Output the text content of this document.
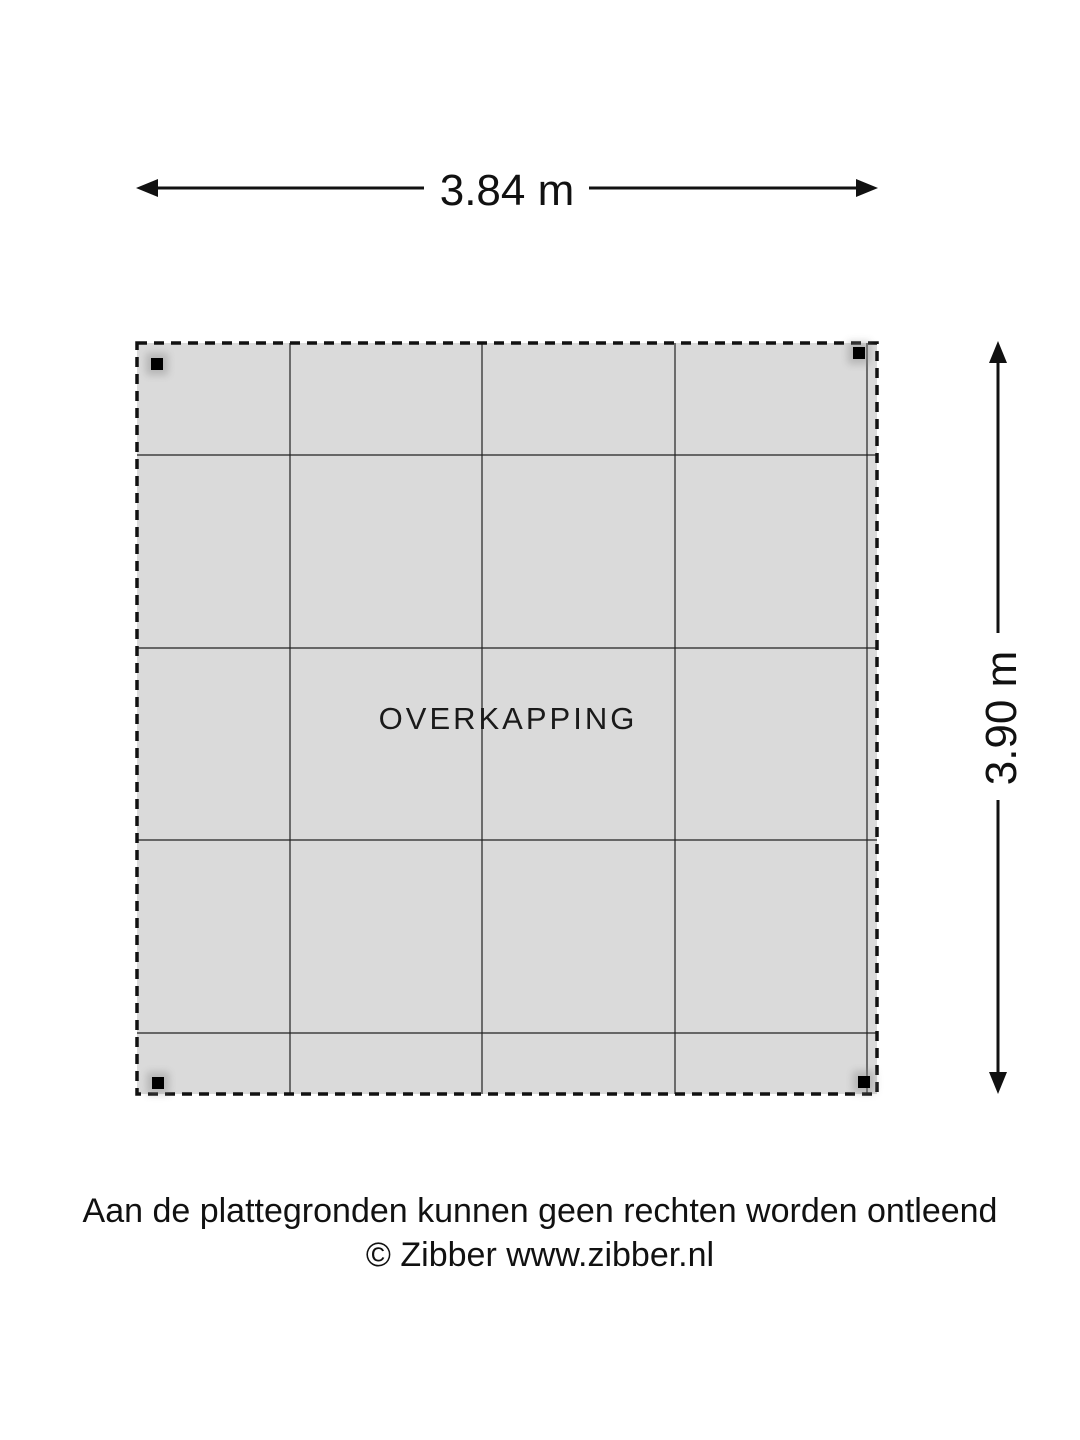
3.84 m
3.90 m
OVERKAPPING
Aan de plattegronden kunnen geen rechten worden ontleend
© Zibber www.zibber.nl
